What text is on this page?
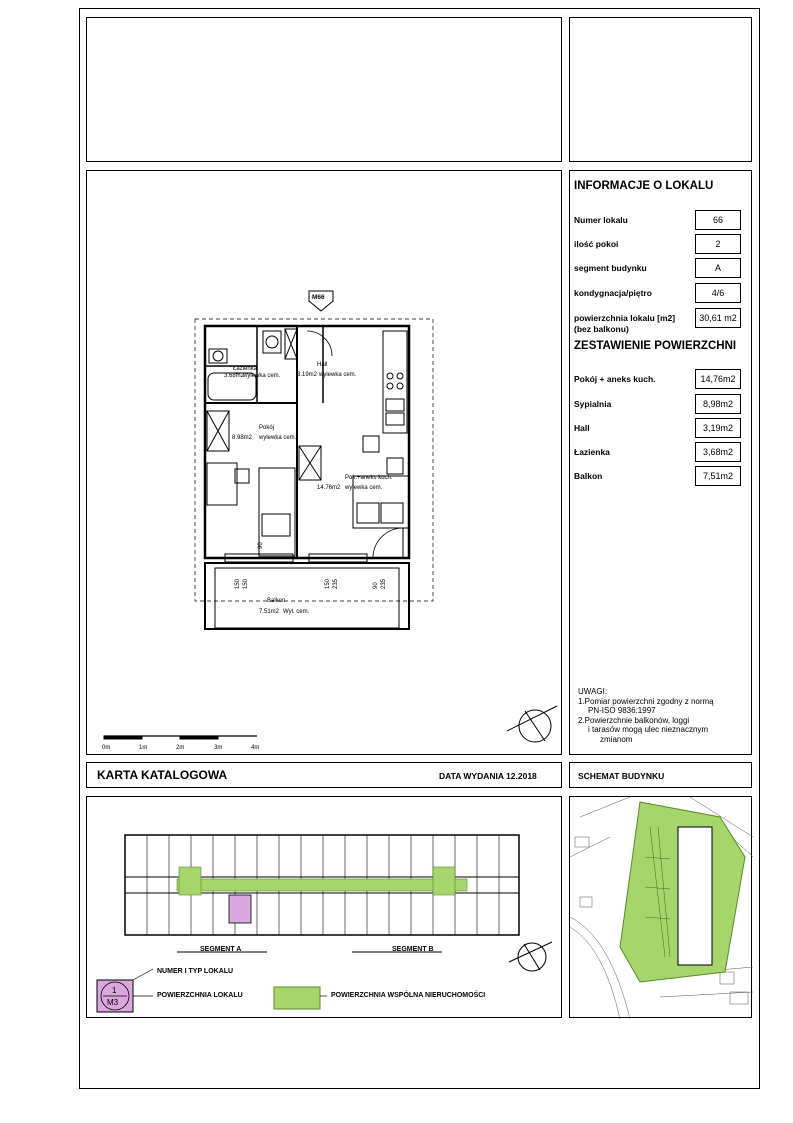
M66
Łazienka
3.68m2
wylewka cem.
Hall
3.19m2 wylewka cem.
Pokój
8.98m2 wylewka cem.
Pok.+aneks kuch.
14.76m2 wylewka cem.
Balkon
7.51m2 Wyl. cem.
150 150	150 235	90 235
90
0m	1m	2m	3m	4m
INFORMACJE O LOKALU
Numer lokalu	66
ilość pokoi	2
segment budynku	A
kondygnacja/piętro	4/6
powierzchnia lokalu [m2]
(bez balkonu)
30,61 m2
ZESTAWIENIE POWIERZCHNI
Pokój + aneks kuch.	14,76m2
Sypialnia	8,98m2
Hall	3,19m2
Łazienka	3,68m2
Balkon	7,51m2
UWAGI:
1.Pomiar powierzchni zgodny z normą
PN-ISO 9836:1997
2.Powierzchnie balkonów, loggi
i tarasów mogą ulec nieznacznym
zmianom
KARTA KATALOGOWA	DATA WYDANIA 12.2018	SCHEMAT BUDYNKU
SEGMENT A	SEGMENT B
1
M3
NUMER I TYP LOKALU
POWIERZCHNIA LOKALU	POWIERZCHNIA WSPÓLNA NIERUCHOMOŚCI
